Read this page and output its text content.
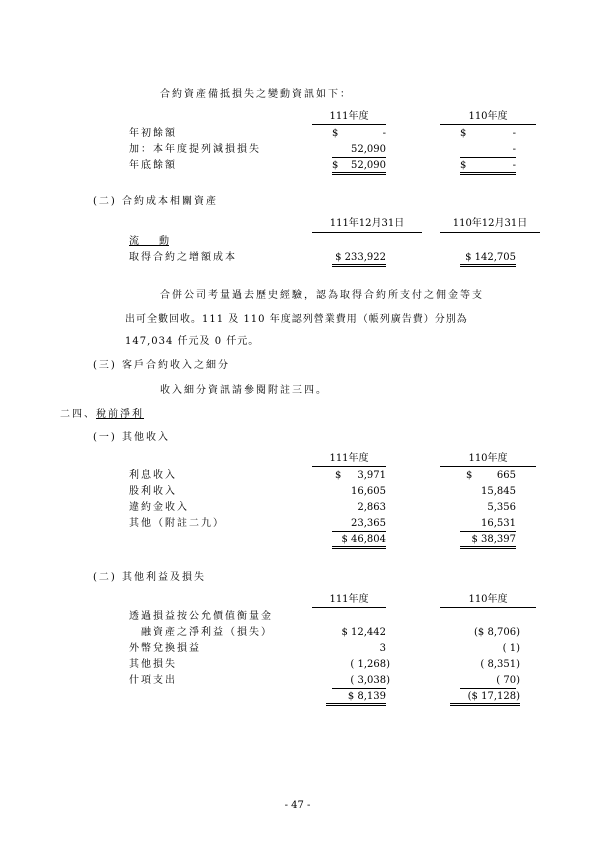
合約資產備抵損失之變動資訊如下：
111年度	110年度
年初餘額	$	-	$	-
加：本年度提列減損損失	52,090	-
年底餘額	$	52,090	$	-
(二) 合約成本相關資產
111年12月31日	110年12月31日
流　　動
取得合約之增額成本	$ 233,922	$ 142,705
合併公司考量過去歷史經驗，認為取得合約所支付之佣金等支
出可全數回收。111 及 110 年度認列營業費用（帳列廣告費）分別為
147,034 仟元及 0 仟元。
(三) 客戶合約收入之細分
收入細分資訊請參閱附註三四。
二四、稅前淨利
(一) 其他收入
111年度	110年度
利息收入	$	3,971	$	665
股利收入	16,605	15,845
違約金收入	2,863	5,356
其他（附註二九）	23,365	16,531
$ 46,804	$ 38,397
(二) 其他利益及損失
111年度	110年度
透過損益按公允價值衡量金
融資產之淨利益（損失）	$ 12,442	($ 8,706)
外幣兌換損益	3	( 1)
其他損失	( 1,268)	( 8,351)
什項支出	( 3,038)	( 70)
$ 8,139	($ 17,128)
- 47 -
